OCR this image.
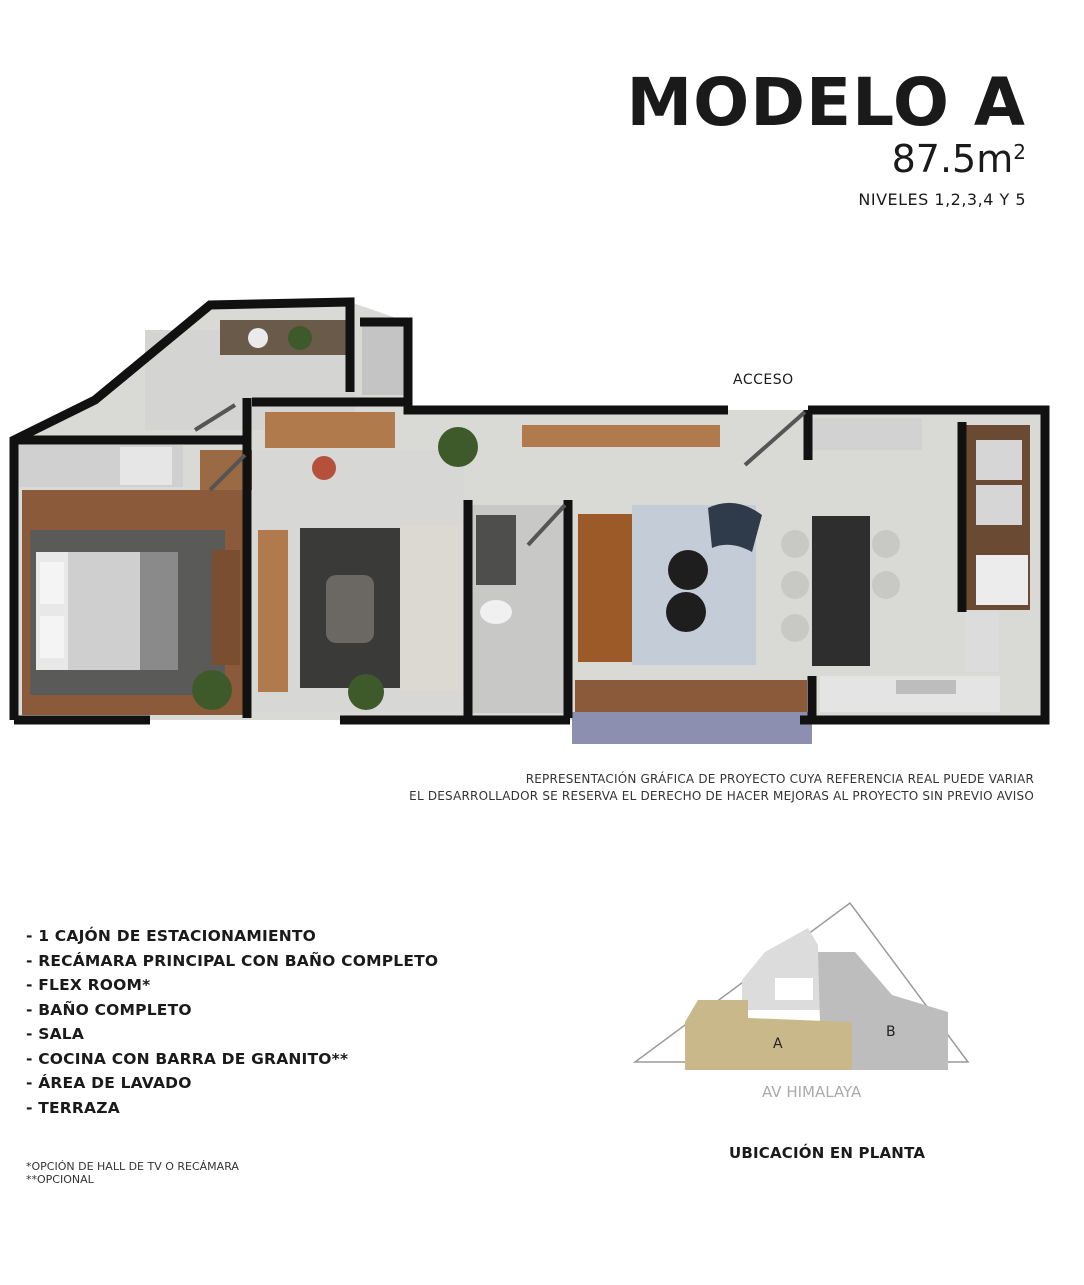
MODELO A
$87.5m^2$
NIVELES 1,2,3,4 Y 5
ACCESO
REPRESENTACIÓN GRÁFICA DE PROYECTO CUYA REFERENCIA REAL PUEDE VARIAR
EL DESARROLLADOR SE RESERVA EL DERECHO DE HACER MEJORAS AL PROYECTO SIN PREVIO AVISO
- 1 CAJÓN DE ESTACIONAMIENTO
- RECÁMARA PRINCIPAL CON BAÑO COMPLETO
- FLEX ROOM*
- BAÑO COMPLETO
- SALA
- COCINA CON BARRA DE GRANITO**
- ÁREA DE LAVADO
- TERRAZA
*OPCIÓN DE HALL DE TV O RECÁMARA
**OPCIONAL
A
B
AV HIMALAYA
UBICACIÓN EN PLANTA
